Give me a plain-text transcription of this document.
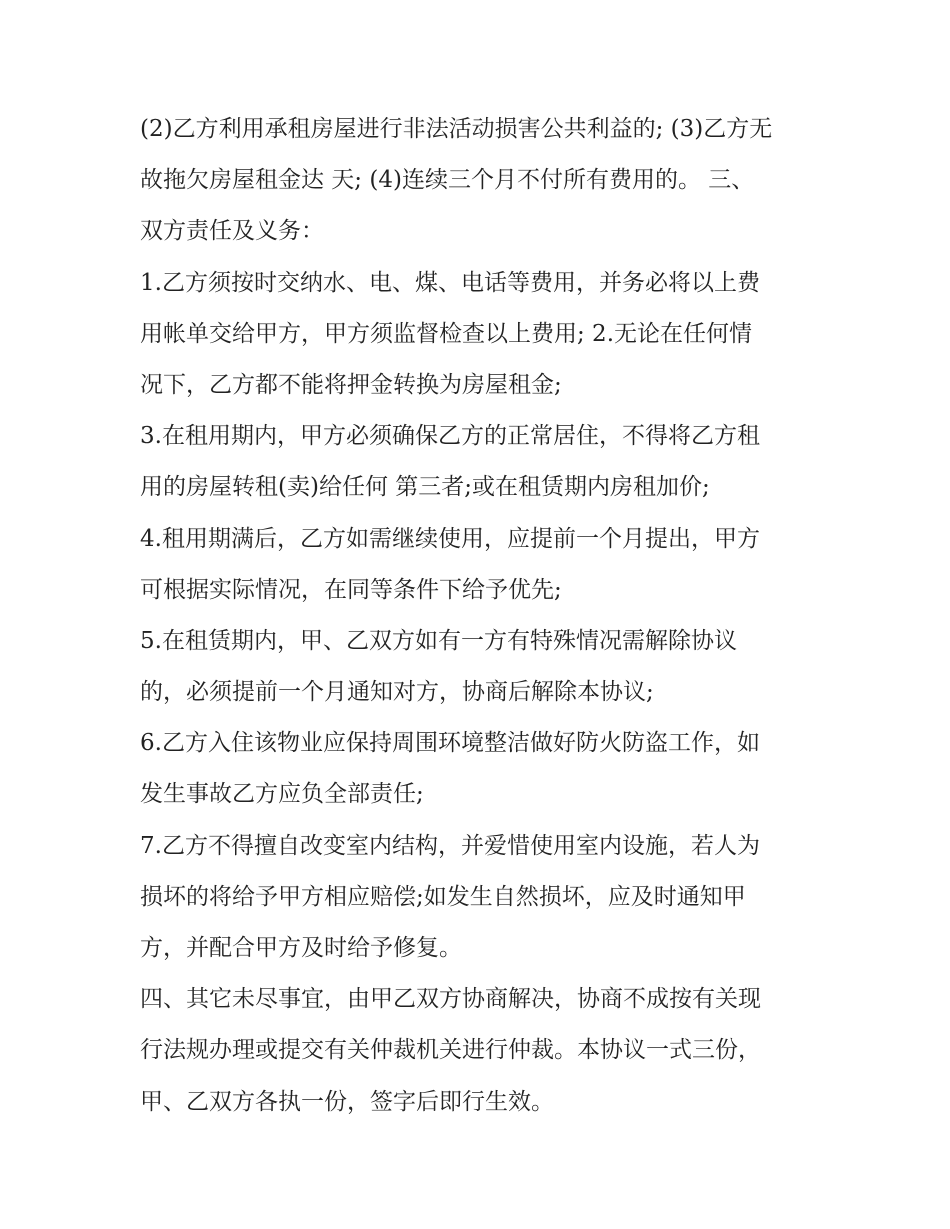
(2)乙方利用承租房屋进行非法活动损害公共利益的; (3)乙方无
故拖欠房屋租金达 天; (4)连续三个月不付所有费用的。 三、
双方责任及义务：
1.乙方须按时交纳水、电、煤、电话等费用，并务必将以上费
用帐单交给甲方，甲方须监督检查以上费用; 2.无论在任何情
况下，乙方都不能将押金转换为房屋租金;
3.在租用期内，甲方必须确保乙方的正常居住，不得将乙方租
用的房屋转租(卖)给任何 第三者;或在租赁期内房租加价;
4.租用期满后，乙方如需继续使用，应提前一个月提出，甲方
可根据实际情况，在同等条件下给予优先;
5.在租赁期内，甲、乙双方如有一方有特殊情况需解除协议
的，必须提前一个月通知对方，协商后解除本协议;
6.乙方入住该物业应保持周围环境整洁做好防火防盗工作，如
发生事故乙方应负全部责任;
7.乙方不得擅自改变室内结构，并爱惜使用室内设施，若人为
损坏的将给予甲方相应赔偿;如发生自然损坏，应及时通知甲
方，并配合甲方及时给予修复。
四、其它未尽事宜，由甲乙双方协商解决，协商不成按有关现
行法规办理或提交有关仲裁机关进行仲裁。本协议一式三份，
甲、乙双方各执一份，签字后即行生效。
